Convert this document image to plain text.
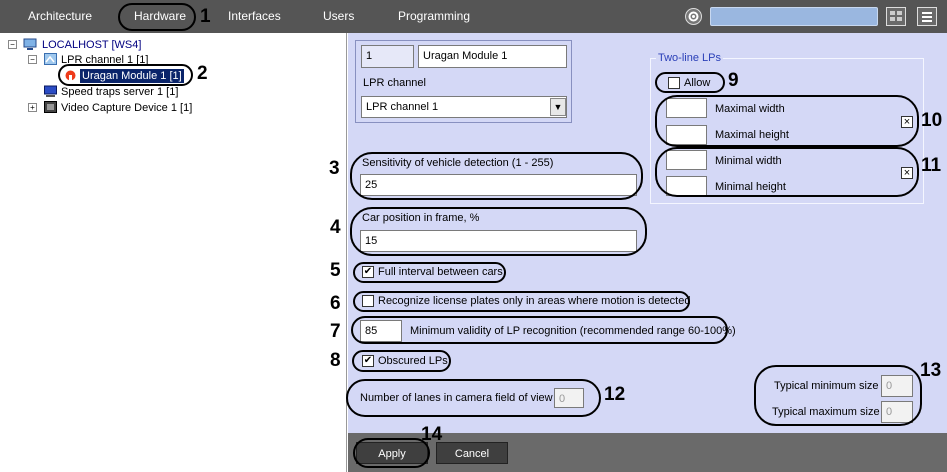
Architecture	Hardware	Interfaces	Users	Programming
− LOCALHOST [WS4]
− LPR channel 1 [1]
Uragan Module 1 [1]
Speed traps server 1 [1]
+ Video Capture Device 1 [1]
1	Uragan Module 1
LPR channel
LPR channel 1	▼
Two-line LPs
Allow
Maximal width
Maximal height
×
Minimal width
Minimal height
×
Sensitivity of vehicle detection (1 - 255)
25
Car position in frame, %
15
✔ Full interval between cars
Recognize license plates only in areas where motion is detected
85	Minimum validity of LP recognition (recommended range 60-100%)
✔ Obscured LPs
Number of lanes in camera field of view 0
Typical minimum size 0
Typical maximum size 0
Apply	Cancel
1
2
3
4
5
6
7
8
9
10
11
12
13
14
